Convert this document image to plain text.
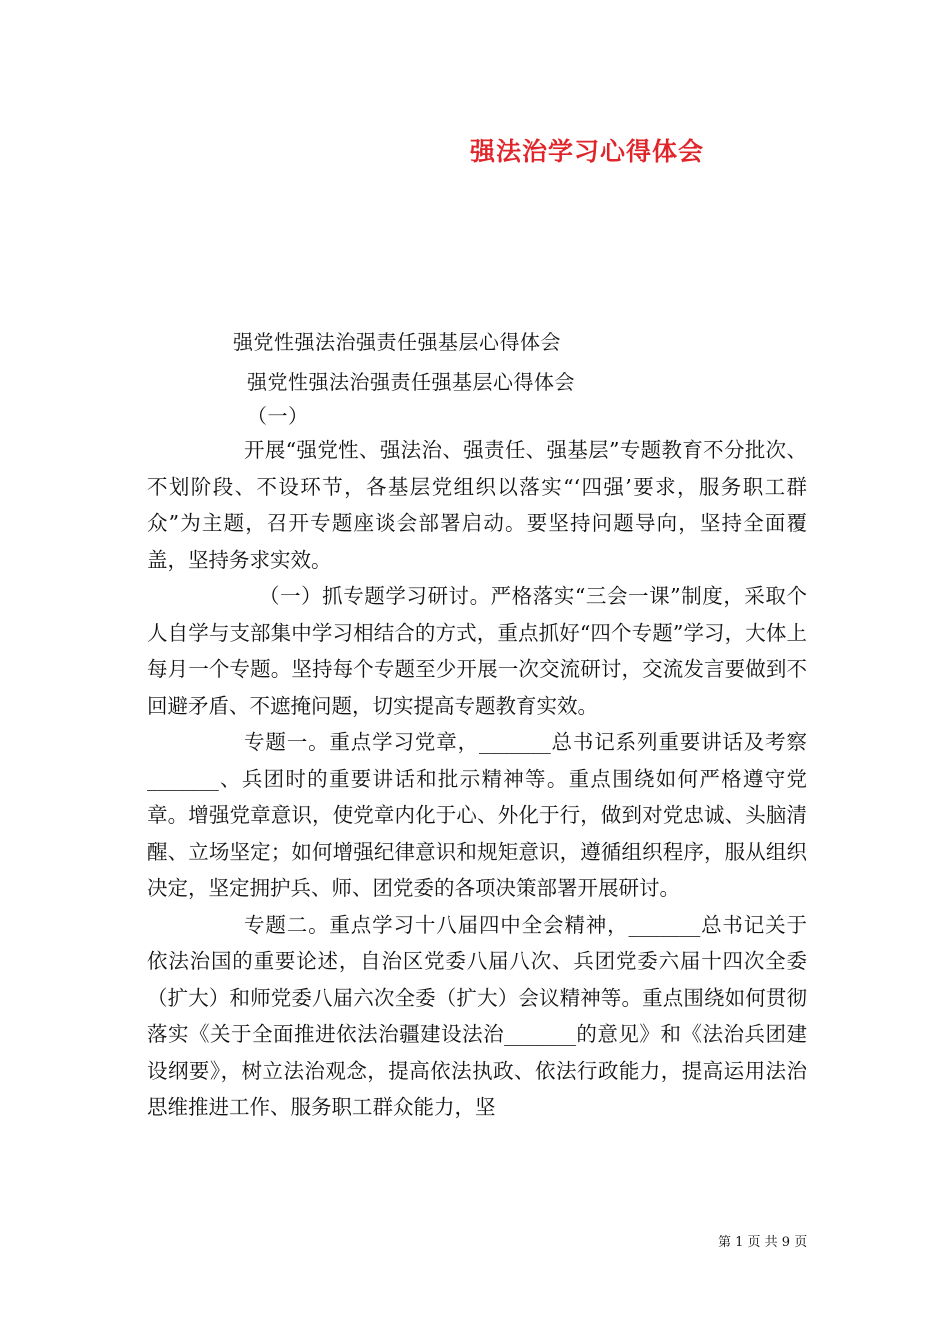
强法治学习心得体会
强党性强法治强责任强基层心得体会
强党性强法治强责任强基层心得体会
（一）

开展“强党性、强法治、强责任、强基层”专题教育不分批次、不划阶段、不设环节，各基层党组织以落实“‘四强’要求，服务职工群众”为主题，召开专题座谈会部署启动。要坚持问题导向，坚持全面覆盖，坚持务求实效。

（一）抓专题学习研讨。严格落实“三会一课”制度，采取个人自学与支部集中学习相结合的方式，重点抓好“四个专题”学习，大体上每月一个专题。坚持每个专题至少开展一次交流研讨，交流发言要做到不回避矛盾、不遮掩问题，切实提高专题教育实效。

专题一。重点学习党章，_______总书记系列重要讲话及考察_______、兵团时的重要讲话和批示精神等。重点围绕如何严格遵守党章。增强党章意识，使党章内化于心、外化于行，做到对党忠诚、头脑清醒、立场坚定；如何增强纪律意识和规矩意识，遵循组织程序，服从组织决定，坚定拥护兵、师、团党委的各项决策部署开展研讨。

专题二。重点学习十八届四中全会精神，_______总书记关于依法治国的重要论述，自治区党委八届八次、兵团党委六届十四次全委（扩大）和师党委八届六次全委（扩大）会议精神等。重点围绕如何贯彻落实《关于全面推进依法治疆建设法治_______的意见》和《法治兵团建设纲要》，树立法治观念，提高依法执政、依法行政能力，提高运用法治思维推进工作、服务职工群众能力，坚

第 1 页 共 9 页
